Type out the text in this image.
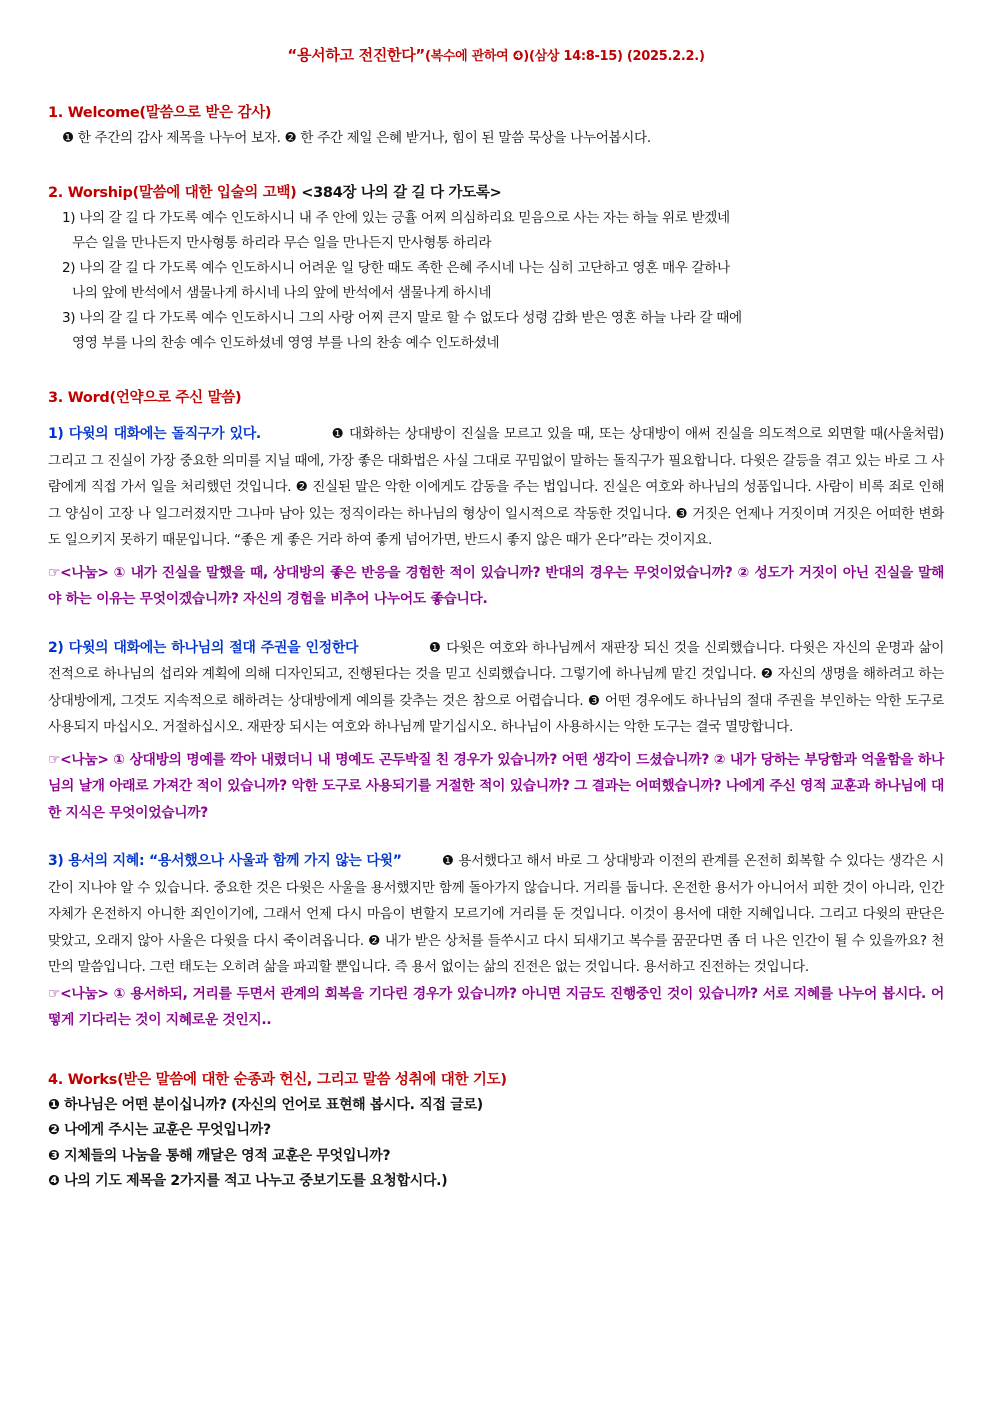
“용서하고 전진한다”(복수에 관하여 ❹)(삼상 14:8-15) (2025.2.2.)

1. Welcome(말씀으로 받은 감사)

❶ 한 주간의 감사 제목을 나누어 보자. ❷ 한 주간 제일 은혜 받거나, 힘이 된 말씀 묵상을 나누어봅시다.

2. Worship(말씀에 대한 입술의 고백) <384장 나의 갈 길 다 가도록>

1) 나의 갈 길 다 가도록 예수 인도하시니 내 주 안에 있는 긍휼 어찌 의심하리요 믿음으로 사는 자는 하늘 위로 받겠네

무슨 일을 만나든지 만사형통 하리라 무슨 일을 만나든지 만사형통 하리라

2) 나의 갈 길 다 가도록 예수 인도하시니 어려운 일 당한 때도 족한 은혜 주시네 나는 심히 고단하고 영혼 매우 갈하나

나의 앞에 반석에서 샘물나게 하시네 나의 앞에 반석에서 샘물나게 하시네

3) 나의 갈 길 다 가도록 예수 인도하시니 그의 사랑 어찌 큰지 말로 할 수 없도다 성령 감화 받은 영혼 하늘 나라 갈 때에

영영 부를 나의 찬송 예수 인도하셨네 영영 부를 나의 찬송 예수 인도하셨네

3. Word(언약으로 주신 말씀)

1) 다윗의 대화에는 돌직구가 있다.	❶ 대화하는 상대방이 진실을 모르고 있을 때, 또는 상대방이 애써 진실을 의도적으로 외면할 때(사울처럼) 그리고 그 진실이 가장 중요한 의미를 지닐 때에, 가장 좋은 대화법은 사실 그대로 꾸밈없이 말하는 돌직구가 필요합니다. 다윗은 갈등을 겪고 있는 바로 그 사람에게 직접 가서 일을 처리했던 것입니다. ❷ 진실된 말은 악한 이에게도 감동을 주는 법입니다. 진실은 여호와 하나님의 성품입니다. 사람이 비록 죄로 인해 그 양심이 고장 나 일그러졌지만 그나마 남아 있는 정직이라는 하나님의 형상이 일시적으로 작동한 것입니다. ❸ 거짓은 언제나 거짓이며 거짓은 어떠한 변화도 일으키지 못하기 때문입니다. “좋은 게 좋은 거라 하여 좋게 넘어가면, 반드시 좋지 않은 때가 온다”라는 것이지요.

☞<나눔> ① 내가 진실을 말했을 때, 상대방의 좋은 반응을 경험한 적이 있습니까? 반대의 경우는 무엇이었습니까? ② 성도가 거짓이 아닌 진실을 말해야 하는 이유는 무엇이겠습니까? 자신의 경험을 비추어 나누어도 좋습니다.

2) 다윗의 대화에는 하나님의 절대 주권을 인정한다	❶ 다윗은 여호와 하나님께서 재판장 되신 것을 신뢰했습니다. 다윗은 자신의 운명과 삶이 전적으로 하나님의 섭리와 계획에 의해 디자인되고, 진행된다는 것을 믿고 신뢰했습니다. 그렇기에 하나님께 맡긴 것입니다. ❷ 자신의 생명을 해하려고 하는 상대방에게, 그것도 지속적으로 해하려는 상대방에게 예의를 갖추는 것은 참으로 어렵습니다. ❸ 어떤 경우에도 하나님의 절대 주권을 부인하는 악한 도구로 사용되지 마십시오. 거절하십시오. 재판장 되시는 여호와 하나님께 맡기십시오. 하나님이 사용하시는 악한 도구는 결국 멸망합니다.

☞<나눔> ① 상대방의 명예를 깍아 내렸더니 내 명예도 곤두박질 친 경우가 있습니까? 어떤 생각이 드셨습니까? ② 내가 당하는 부당함과 억울함을 하나님의 날개 아래로 가져간 적이 있습니까? 악한 도구로 사용되기를 거절한 적이 있습니까? 그 결과는 어떠했습니까? 나에게 주신 영적 교훈과 하나님에 대한 지식은 무엇이었습니까?

3) 용서의 지혜: “용서했으나 사울과 함께 가지 않는 다윗”	❶ 용서했다고 해서 바로 그 상대방과 이전의 관계를 온전히 회복할 수 있다는 생각은 시간이 지나야 알 수 있습니다. 중요한 것은 다윗은 사울을 용서했지만 함께 돌아가지 않습니다. 거리를 둡니다. 온전한 용서가 아니어서 피한 것이 아니라, 인간 자체가 온전하지 아니한 죄인이기에, 그래서 언제 다시 마음이 변할지 모르기에 거리를 둔 것입니다. 이것이 용서에 대한 지혜입니다. 그리고 다윗의 판단은 맞았고, 오래지 않아 사울은 다윗을 다시 죽이려옵니다. ❷ 내가 받은 상처를 들쑤시고 다시 되새기고 복수를 꿈꾼다면 좀 더 나은 인간이 될 수 있을까요? 천만의 말씀입니다. 그런 태도는 오히려 삶을 파괴할 뿐입니다. 즉 용서 없이는 삶의 진전은 없는 것입니다. 용서하고 진전하는 것입니다.

☞<나눔> ① 용서하되, 거리를 두면서 관계의 회복을 기다린 경우가 있습니까? 아니면 지금도 진행중인 것이 있습니까? 서로 지혜를 나누어 봅시다. 어떻게 기다리는 것이 지혜로운 것인지..

4. Works(받은 말씀에 대한 순종과 헌신, 그리고 말씀 성취에 대한 기도)

❶ 하나님은 어떤 분이십니까? (자신의 언어로 표현해 봅시다. 직접 글로)

❷ 나에게 주시는 교훈은 무엇입니까?

❸ 지체들의 나눔을 통해 깨달은 영적 교훈은 무엇입니까?

❹ 나의 기도 제목을 2가지를 적고 나누고 중보기도를 요청합시다.)
